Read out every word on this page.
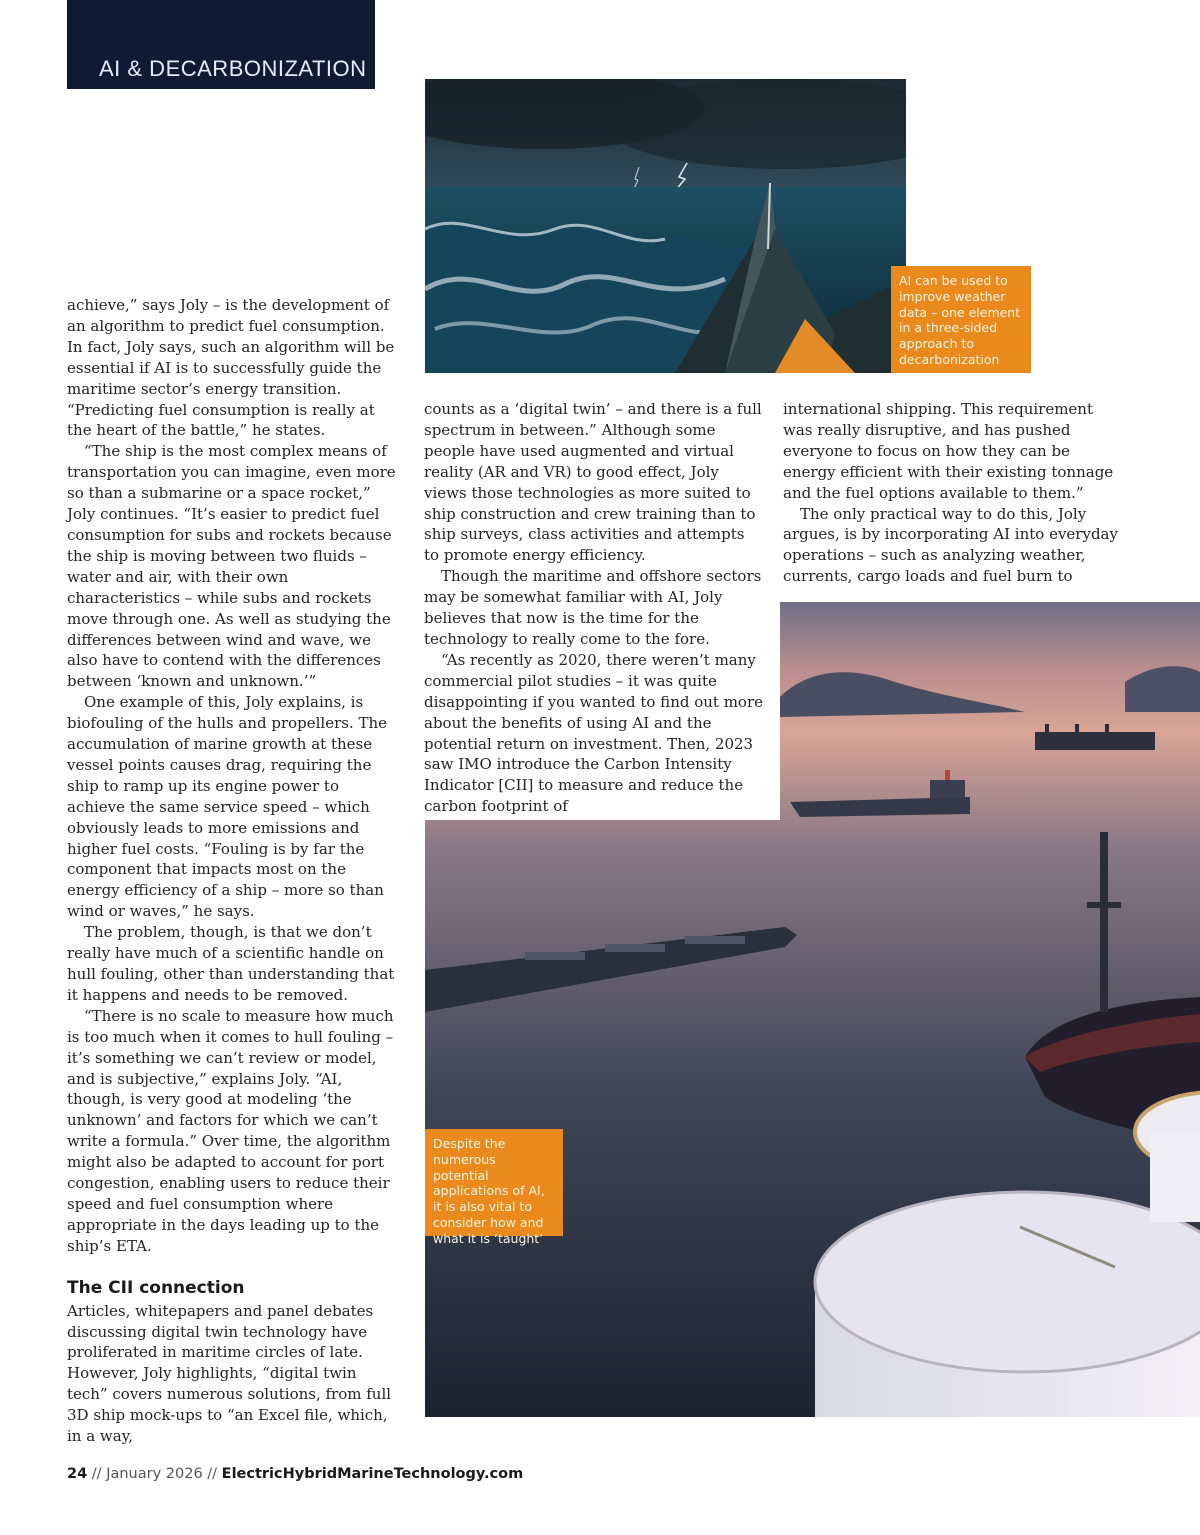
AI & DECARBONIZATION
AI can be used to improve weather data – one element in a three-sided approach to decarbonization
Despite the numerous potential applications of AI, it is also vital to consider how and what it is ‘taught’

achieve,” says Joly – is the development of an algorithm to predict fuel consumption. In fact, Joly says, such an algorithm will be essential if AI is to successfully guide the maritime sector’s energy transition. “Predicting fuel consumption is really at the heart of the battle,” he states.

“The ship is the most complex means of transportation you can imagine, even more so than a submarine or a space rocket,” Joly continues. “It’s easier to predict fuel consumption for subs and rockets because the ship is moving between two fluids – water and air, with their own characteristics – while subs and rockets move through one. As well as studying the differences between wind and wave, we also have to contend with the differences between ‘known and unknown.’”

One example of this, Joly explains, is biofouling of the hulls and propellers. The accumulation of marine growth at these vessel points causes drag, requiring the ship to ramp up its engine power to achieve the same service speed – which obviously leads to more emissions and higher fuel costs. “Fouling is by far the component that impacts most on the energy efficiency of a ship – more so than wind or waves,” he says.

The problem, though, is that we don’t really have much of a scientific handle on hull fouling, other than understanding that it happens and needs to be removed.

“There is no scale to measure how much is too much when it comes to hull fouling – it’s something we can’t review or model, and is subjective,” explains Joly. “AI, though, is very good at modeling ‘the unknown’ and factors for which we can’t write a formula.” Over time, the algorithm might also be adapted to account for port congestion, enabling users to reduce their speed and fuel consumption where appropriate in the days leading up to the ship’s ETA.

The CII connection

Articles, whitepapers and panel debates discussing digital twin technology have proliferated in maritime circles of late. However, Joly highlights, “digital twin tech” covers numerous solutions, from full 3D ship mock-ups to “an Excel file, which, in a way,

counts as a ‘digital twin’ – and there is a full spectrum in between.” Although some people have used augmented and virtual reality (AR and VR) to good effect, Joly views those technologies as more suited to ship construction and crew training than to ship surveys, class activities and attempts to promote energy efficiency.

Though the maritime and offshore sectors may be somewhat familiar with AI, Joly believes that now is the time for the technology to really come to the fore.

“As recently as 2020, there weren’t many commercial pilot studies – it was quite disappointing if you wanted to find out more about the benefits of using AI and the potential return on investment. Then, 2023 saw IMO introduce the Carbon Intensity Indicator [CII] to measure and reduce the carbon footprint of

international shipping. This requirement was really disruptive, and has pushed everyone to focus on how they can be energy efficient with their existing tonnage and the fuel options available to them.”

The only practical way to do this, Joly argues, is by incorporating AI into everyday operations – such as analyzing weather, currents, cargo loads and fuel burn to

24 // January 2026 // ElectricHybridMarineTechnology.com
